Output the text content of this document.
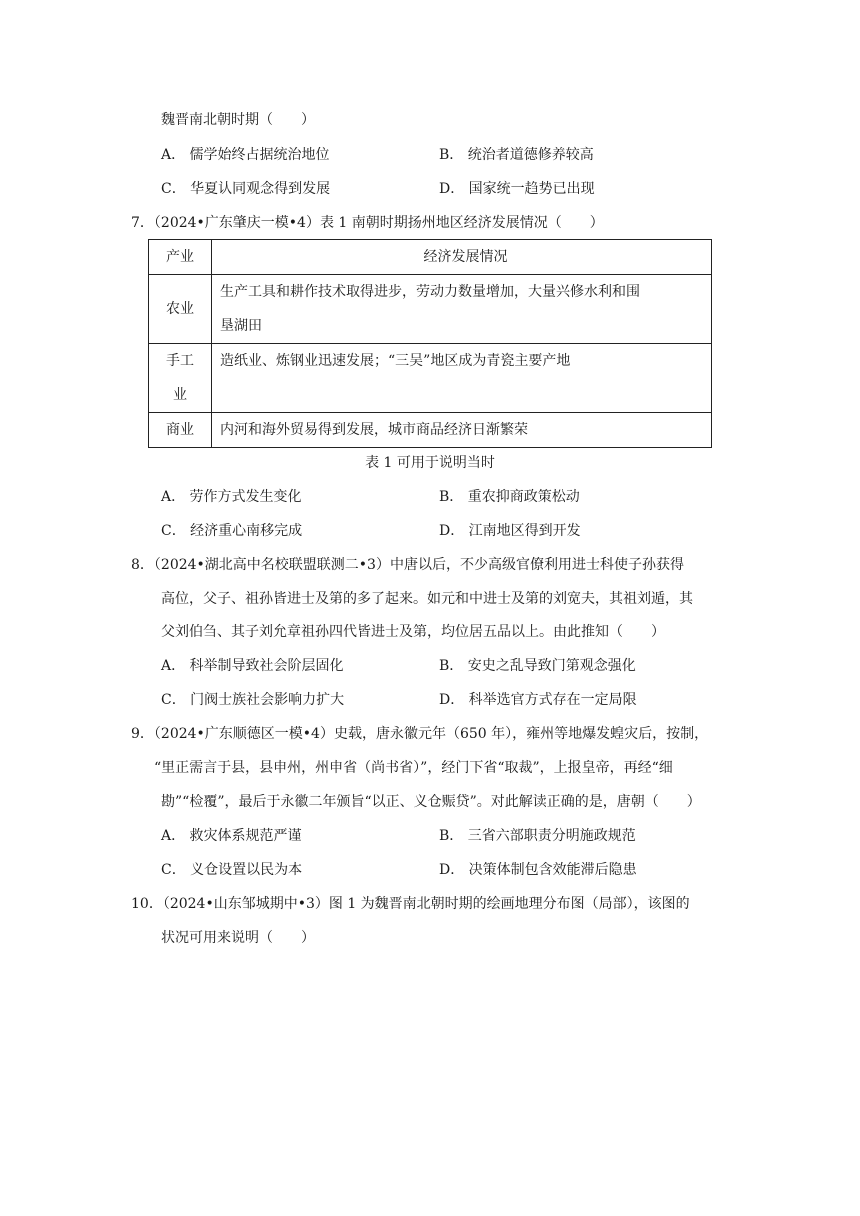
魏晋南北朝时期（　　）
A． 儒学始终占据统治地位	B． 统治者道德修养较高
C． 华夏认同观念得到发展	D． 国家统一趋势已出现
7．（2024•广东肇庆一模•4）表 1 南朝时期扬州地区经济发展情况（　　）
产业	经济发展情况

农业	生产工具和耕作技术取得进步，劳动力数量增加，大量兴修水利和围
垦湖田

手工
业	造纸业、炼钢业迅速发展；“三吴”地区成为青瓷主要产地

商业	内河和海外贸易得到发展，城市商品经济日渐繁荣
表 1 可用于说明当时
A． 劳作方式发生变化	B． 重农抑商政策松动
C． 经济重心南移完成	D． 江南地区得到开发
8．（2024•湖北高中名校联盟联测二•3）中唐以后，不少高级官僚利用进士科使子孙获得
高位，父子、祖孙皆进士及第的多了起来。如元和中进士及第的刘宽夫，其祖刘遁，其
父刘伯刍、其子刘允章祖孙四代皆进士及第，均位居五品以上。由此推知（　　）
A． 科举制导致社会阶层固化	B． 安史之乱导致门第观念强化
C． 门阀士族社会影响力扩大	D． 科举选官方式存在一定局限
9．（2024•广东顺德区一模•4）史载，唐永徽元年（650 年），雍州等地爆发蝗灾后，按制，
“里正需言于县，县申州，州申省（尚书省）”，经门下省“取裁”，上报皇帝，再经“细
勘”“检覆”，最后于永徽二年颁旨“以正、义仓赈贷”。对此解读正确的是，唐朝（　　）
A． 救灾体系规范严谨	B． 三省六部职责分明施政规范
C． 义仓设置以民为本	D． 决策体制包含效能滞后隐患
10．（2024•山东邹城期中•3）图 1 为魏晋南北朝时期的绘画地理分布图（局部），该图的
状况可用来说明（　　）
